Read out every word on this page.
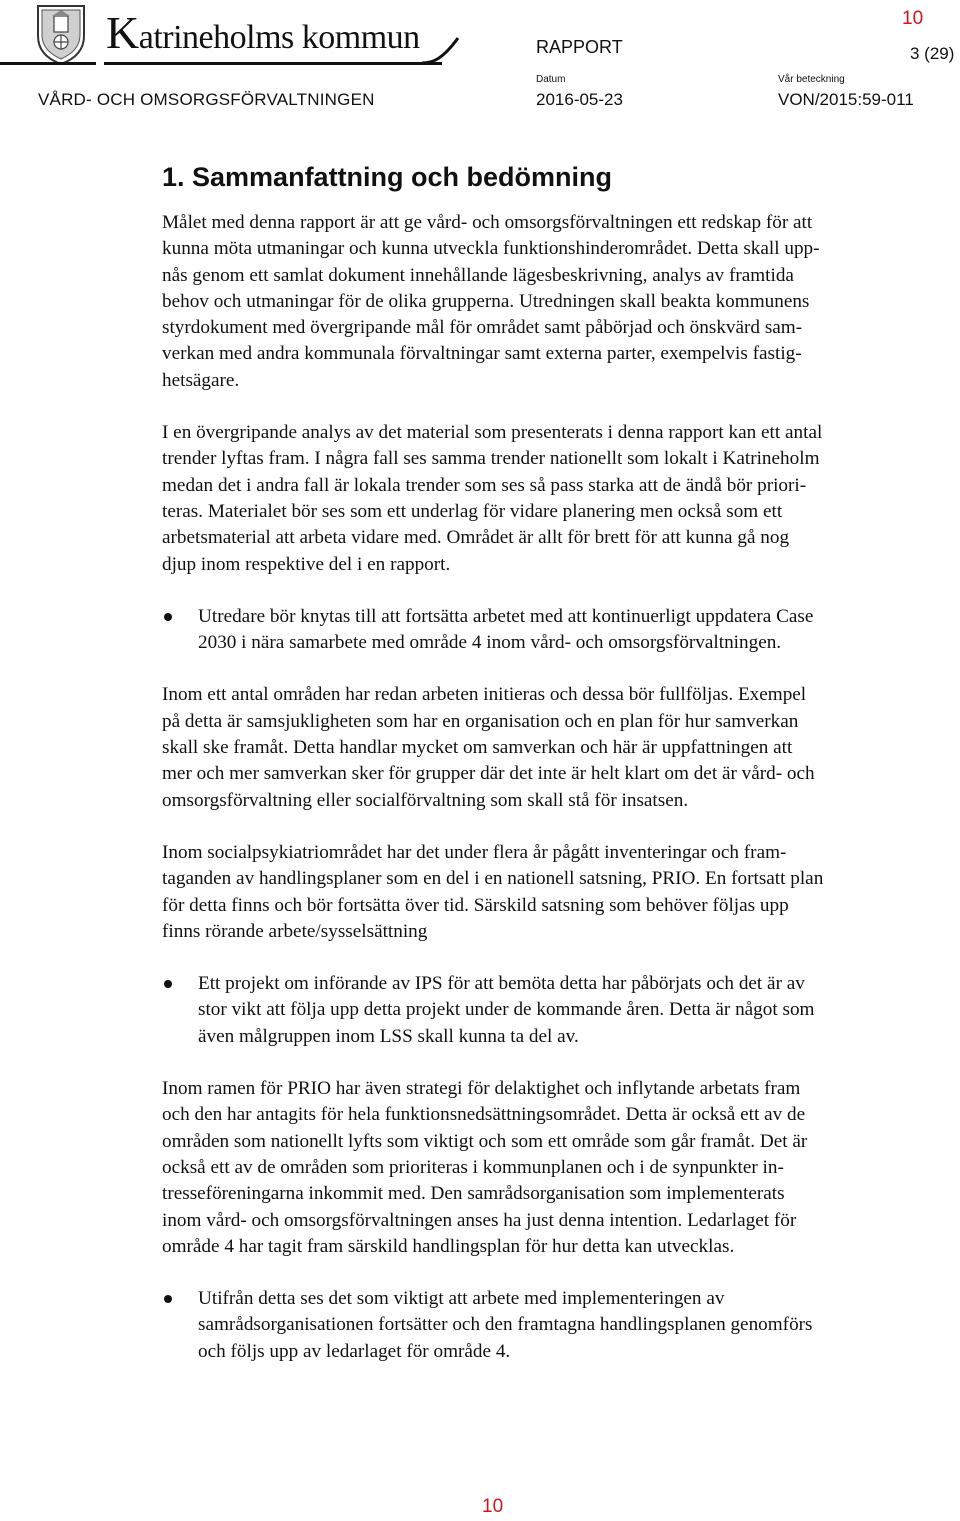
Katrineholms kommun
VÅRD- OCH OMSORGSFÖRVALTNINGEN
RAPPORT
Datum
2016-05-23
Vår beteckning
VON/2015:59-011
10
3 (29)
1. Sammanfattning och bedömning
Målet med denna rapport är att ge vård- och omsorgsförvaltningen ett redskap för att
kunna möta utmaningar och kunna utveckla funktionshinderområdet. Detta skall upp-
nås genom ett samlat dokument innehållande lägesbeskrivning, analys av framtida
behov och utmaningar för de olika grupperna. Utredningen skall beakta kommunens
styrdokument med övergripande mål för området samt påbörjad och önskvärd sam-
verkan med andra kommunala förvaltningar samt externa parter, exempelvis fastig-
hetsägare.
I en övergripande analys av det material som presenterats i denna rapport kan ett antal
trender lyftas fram. I några fall ses samma trender nationellt som lokalt i Katrineholm
medan det i andra fall är lokala trender som ses så pass starka att de ändå bör priori-
teras. Materialet bör ses som ett underlag för vidare planering men också som ett
arbetsmaterial att arbeta vidare med. Området är allt för brett för att kunna gå nog
djup inom respektive del i en rapport.
Utredare bör knytas till att fortsätta arbetet med att kontinuerligt uppdatera Case
2030 i nära samarbete med område 4 inom vård- och omsorgsförvaltningen.
Inom ett antal områden har redan arbeten initieras och dessa bör fullföljas. Exempel
på detta är samsjukligheten som har en organisation och en plan för hur samverkan
skall ske framåt. Detta handlar mycket om samverkan och här är uppfattningen att
mer och mer samverkan sker för grupper där det inte är helt klart om det är vård- och
omsorgsförvaltning eller socialförvaltning som skall stå för insatsen.
Inom socialpsykiatriområdet har det under flera år pågått inventeringar och fram-
taganden av handlingsplaner som en del i en nationell satsning, PRIO. En fortsatt plan
för detta finns och bör fortsätta över tid. Särskild satsning som behöver följas upp
finns rörande arbete/sysselsättning
Ett projekt om införande av IPS för att bemöta detta har påbörjats och det är av
stor vikt att följa upp detta projekt under de kommande åren. Detta är något som
även målgruppen inom LSS skall kunna ta del av.
Inom ramen för PRIO har även strategi för delaktighet och inflytande arbetats fram
och den har antagits för hela funktionsnedsättningsområdet. Detta är också ett av de
områden som nationellt lyfts som viktigt och som ett område som går framåt. Det är
också ett av de områden som prioriteras i kommunplanen och i de synpunkter in-
tresseföreningarna inkommit med. Den samrådsorganisation som implementerats
inom vård- och omsorgsförvaltningen anses ha just denna intention. Ledarlaget för
område 4 har tagit fram särskild handlingsplan för hur detta kan utvecklas.
Utifrån detta ses det som viktigt att arbete med implementeringen av
samrådsorganisationen fortsätter och den framtagna handlingsplanen genomförs
och följs upp av ledarlaget för område 4.
10
